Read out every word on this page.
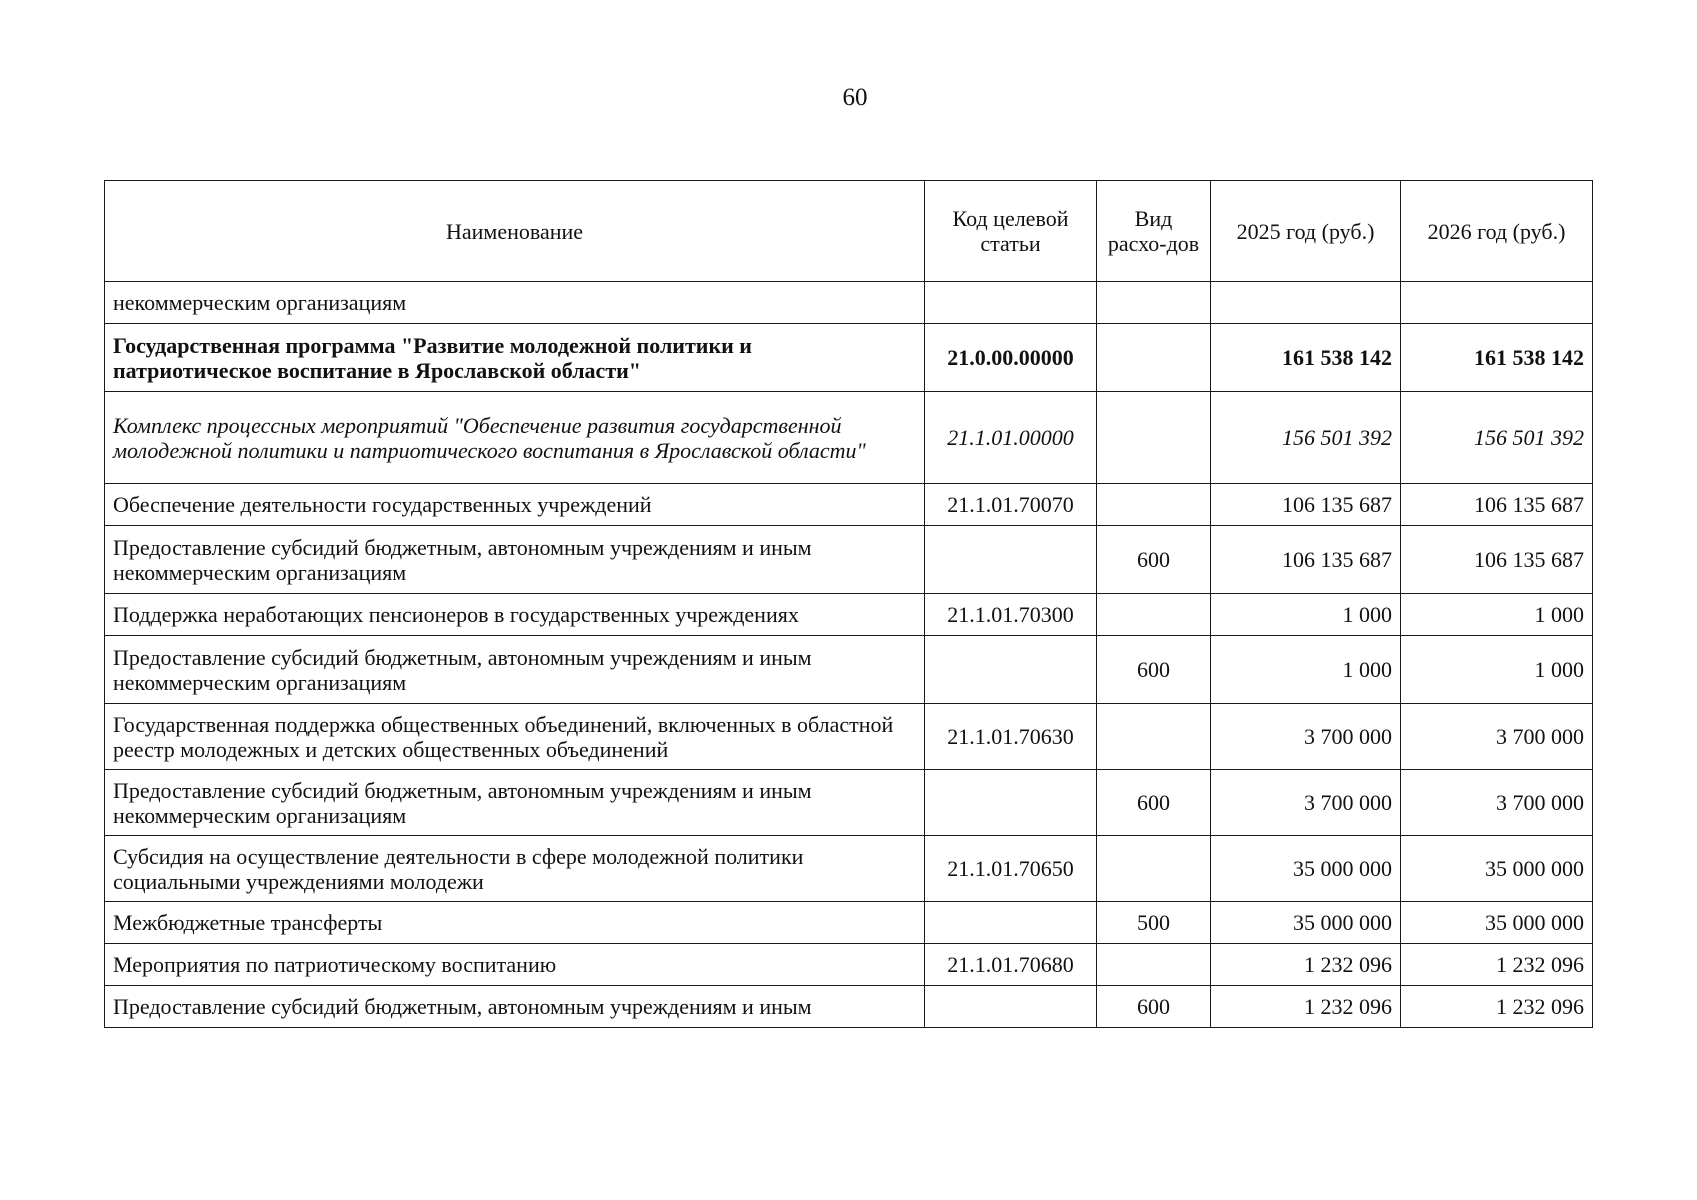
60
Наименование	Код целевой статьи	Вид расхо-дов	2025 год (руб.)	2026 год (руб.)
некоммерческим организациям				
Государственная программа "Развитие молодежной политики и патриотическое воспитание в Ярославской области"	21.0.00.00000		161 538 142	161 538 142
Комплекс процессных мероприятий "Обеспечение развития государственной молодежной политики и патриотического воспитания в Ярославской области"	21.1.01.00000		156 501 392	156 501 392
Обеспечение деятельности государственных учреждений	21.1.01.70070		106 135 687	106 135 687
Предоставление субсидий бюджетным, автономным учреждениям и иным некоммерческим организациям		600	106 135 687	106 135 687
Поддержка неработающих пенсионеров в государственных учреждениях	21.1.01.70300		1 000	1 000
Предоставление субсидий бюджетным, автономным учреждениям и иным некоммерческим организациям		600	1 000	1 000
Государственная поддержка общественных объединений, включенных в областной реестр молодежных и детских общественных объединений	21.1.01.70630		3 700 000	3 700 000
Предоставление субсидий бюджетным, автономным учреждениям и иным некоммерческим организациям		600	3 700 000	3 700 000
Субсидия на осуществление деятельности в сфере молодежной политики социальными учреждениями молодежи	21.1.01.70650		35 000 000	35 000 000
Межбюджетные трансферты		500	35 000 000	35 000 000
Мероприятия по патриотическому воспитанию	21.1.01.70680		1 232 096	1 232 096
Предоставление субсидий бюджетным, автономным учреждениям и иным		600	1 232 096	1 232 096
